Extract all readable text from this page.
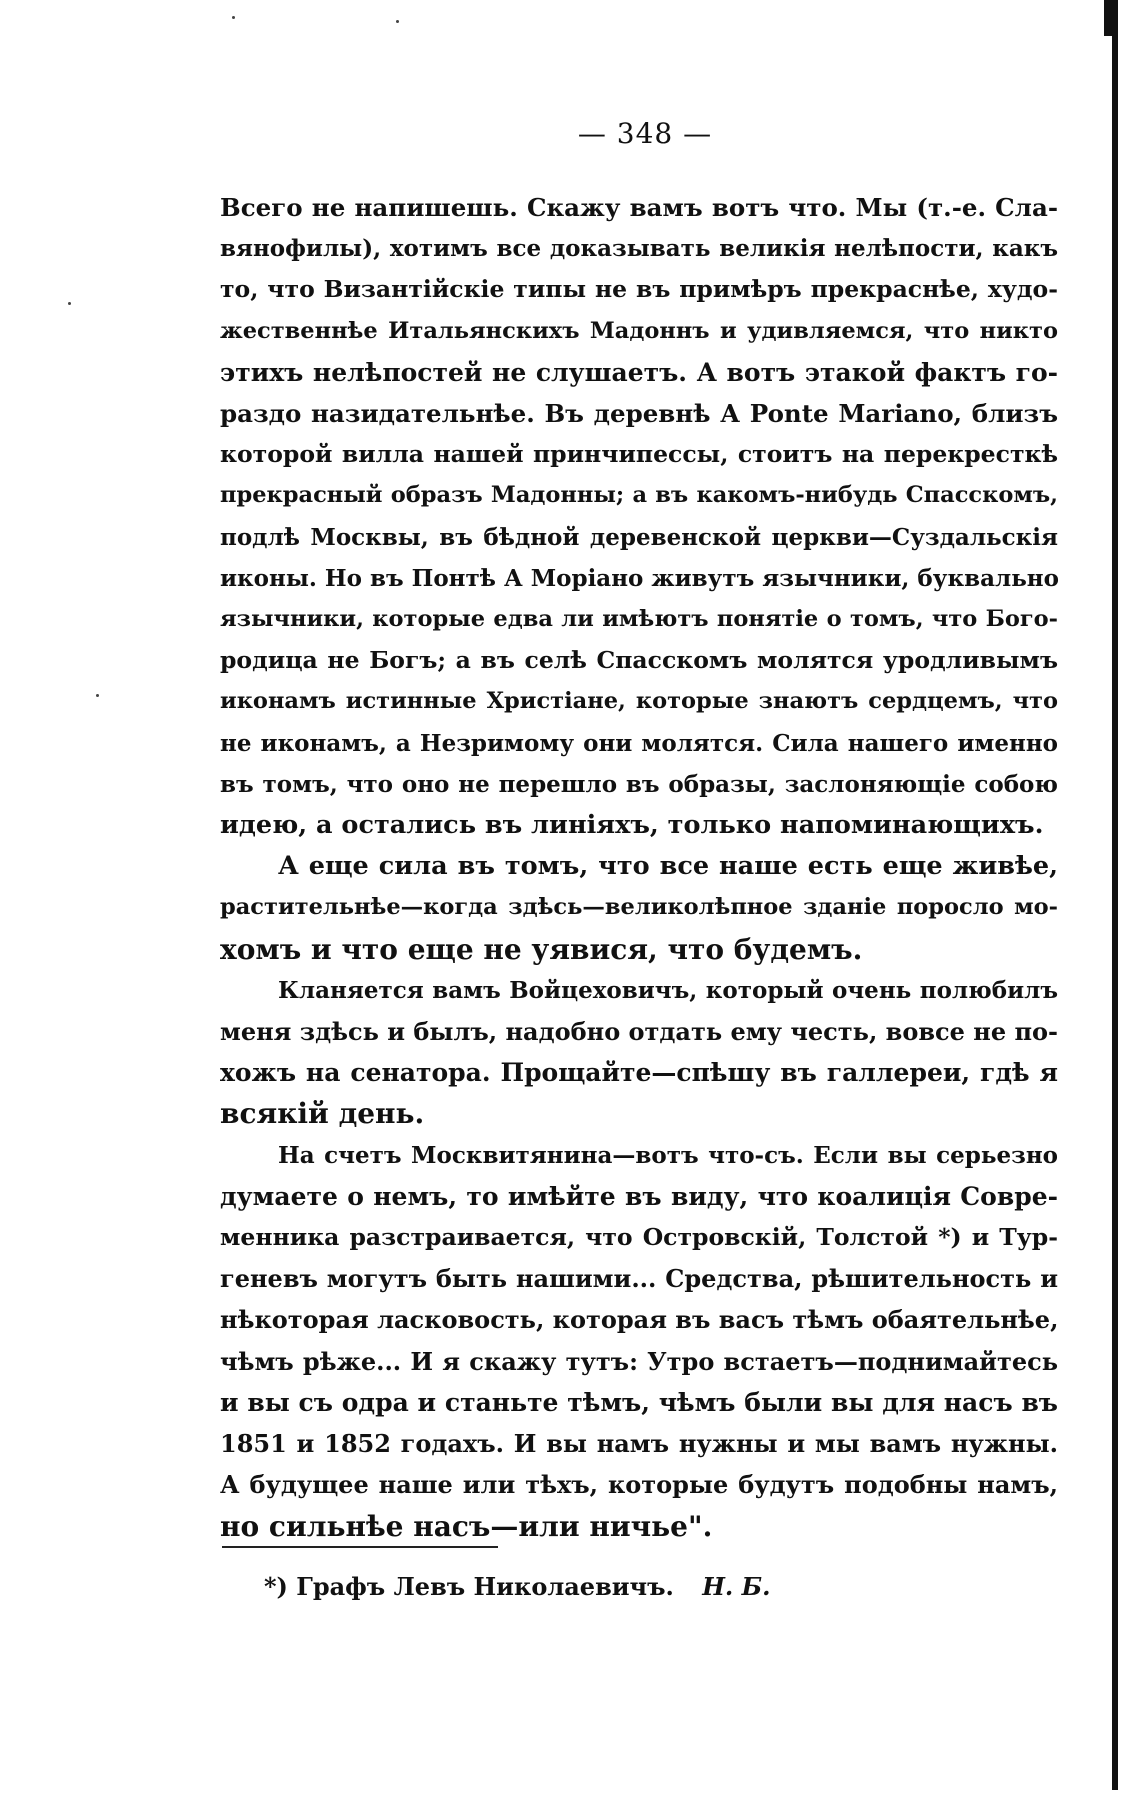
— 348 —
Всего не напишешь. Скажу вамъ вотъ что. Мы (т.-е. Сла-
вянофилы), хотимъ все доказывать великія нелѣпости, какъ
то, что Византійскіе типы не въ примѣръ прекраснѣе, худо-
жественнѣе Итальянскихъ Мадоннъ и удивляемся, что никто
этихъ нелѣпостей не слушаетъ. А вотъ этакой фактъ го-
раздо назидательнѣе. Въ деревнѣ А Ponte Mariano, близъ
которой вилла нашей принчипессы, стоитъ на перекресткѣ
прекрасный образъ Мадонны; а въ какомъ-нибудь Спасскомъ,
подлѣ Москвы, въ бѣдной деревенской церкви—Суздальскія
иконы. Но въ Понтѣ А Моріано живутъ язычники, буквально
язычники, которые едва ли имѣютъ понятіе о томъ, что Бого-
родица не Богъ; а въ селѣ Спасскомъ молятся уродливымъ
иконамъ истинные Христіане, которые знаютъ сердцемъ, что
не иконамъ, а Незримому они молятся. Сила нашего именно
въ томъ, что оно не перешло въ образы, заслоняющіе собою
идею, а остались въ линіяхъ, только напоминающихъ.
А еще сила въ томъ, что все наше есть еще живѣе,
растительнѣе—когда здѣсь—великолѣпное зданіе поросло мо-
хомъ и что еще не уявися, что будемъ.
Кланяется вамъ Войцеховичъ, который очень полюбилъ
меня здѣсь и былъ, надобно отдать ему честь, вовсе не по-
хожъ на сенатора. Прощайте—спѣшу въ галлереи, гдѣ я
всякій день.
На счетъ Москвитянина—вотъ что-съ. Если вы серьезно
думаете о немъ, то имѣйте въ виду, что коалиція Совре-
менника разстраивается, что Островскій, Толстой *) и Тур-
геневъ могутъ быть нашими... Средства, рѣшительность и
нѣкоторая ласковость, которая въ васъ тѣмъ обаятельнѣе,
чѣмъ рѣже... И я скажу тутъ: Утро встаетъ—поднимайтесь
и вы съ одра и станьте тѣмъ, чѣмъ были вы для насъ въ
1851 и 1852 годахъ. И вы намъ нужны и мы вамъ нужны.
А будущее наше или тѣхъ, которые будутъ подобны намъ,
но сильнѣе насъ—или ничье".
*) Графъ Левъ Николаевичъ. Н. Б.
